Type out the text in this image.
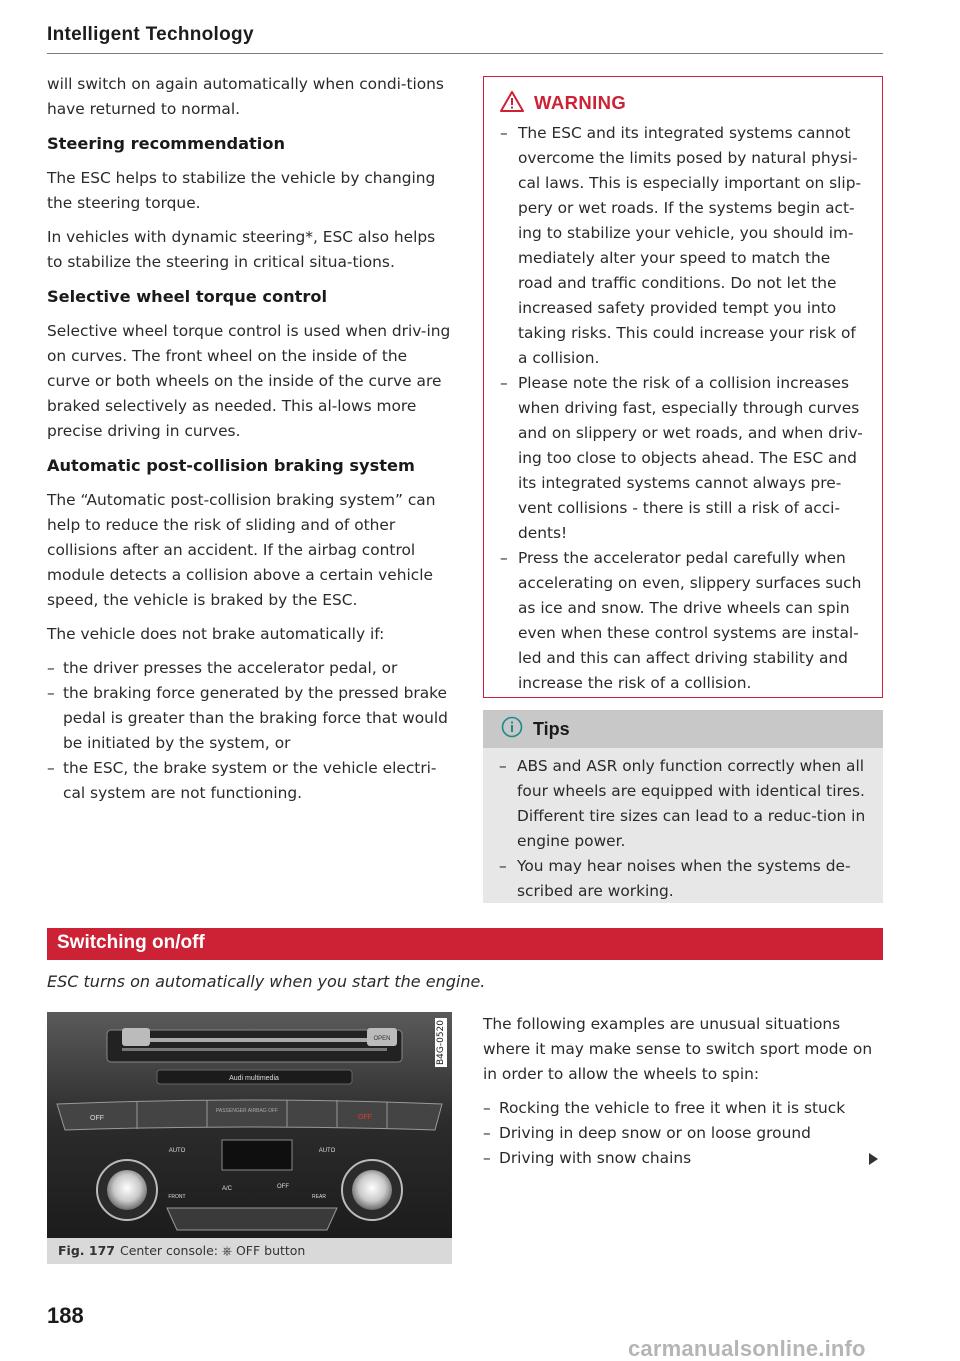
Intelligent Technology

will switch on again automatically when condi-tions have returned to normal.

Steering recommendation

The ESC helps to stabilize the vehicle by changing the steering torque.

In vehicles with dynamic steering*, ESC also helps to stabilize the steering in critical situa-tions.

Selective wheel torque control

Selective wheel torque control is used when driv-ing on curves. The front wheel on the inside of the curve or both wheels on the inside of the curve are braked selectively as needed. This al-lows more precise driving in curves.

Automatic post-collision braking system

The “Automatic post-collision braking system” can help to reduce the risk of sliding and of other collisions after an accident. If the airbag control module detects a collision above a certain vehicle speed, the vehicle is braked by the ESC.

The vehicle does not brake automatically if:

– the driver presses the accelerator pedal, or
– the braking force generated by the pressed brake pedal is greater than the braking force that would be initiated by the system, or
– the ESC, the brake system or the vehicle electri-cal system are not functioning.
WARNING
– The ESC and its integrated systems cannot overcome the limits posed by natural physi-cal laws. This is especially important on slip-pery or wet roads. If the systems begin act-ing to stabilize your vehicle, you should im-mediately alter your speed to match the road and traffic conditions. Do not let the increased safety provided tempt you into taking risks. This could increase your risk of a collision.
– Please note the risk of a collision increases when driving fast, especially through curves and on slippery or wet roads, and when driv-ing too close to objects ahead. The ESC and its integrated systems cannot always pre-vent collisions - there is still a risk of acci-dents!
– Press the accelerator pedal carefully when accelerating on even, slippery surfaces such as ice and snow. The drive wheels can spin even when these control systems are instal-led and this can affect driving stability and increase the risk of a collision.
Tips
– ABS and ASR only function correctly when all four wheels are equipped with identical tires. Different tire sizes can lead to a reduc-tion in engine power.
– You may hear noises when the systems de-scribed are working.
Switching on/off
ESC turns on automatically when you start the engine.
OPEN
Audi multimedia
OFF
PASSENGER AIRBAG OFF
OFF
AUTO	AUTO
A/C	OFF
FRONT	REAR
B4G-0520
Fig. 177 Center console: ⎈ OFF button

The following examples are unusual situations where it may make sense to switch sport mode on in order to allow the wheels to spin:

– Rocking the vehicle to free it when it is stuck
– Driving in deep snow or on loose ground
– Driving with snow chains
188
carmanualsonline.info
